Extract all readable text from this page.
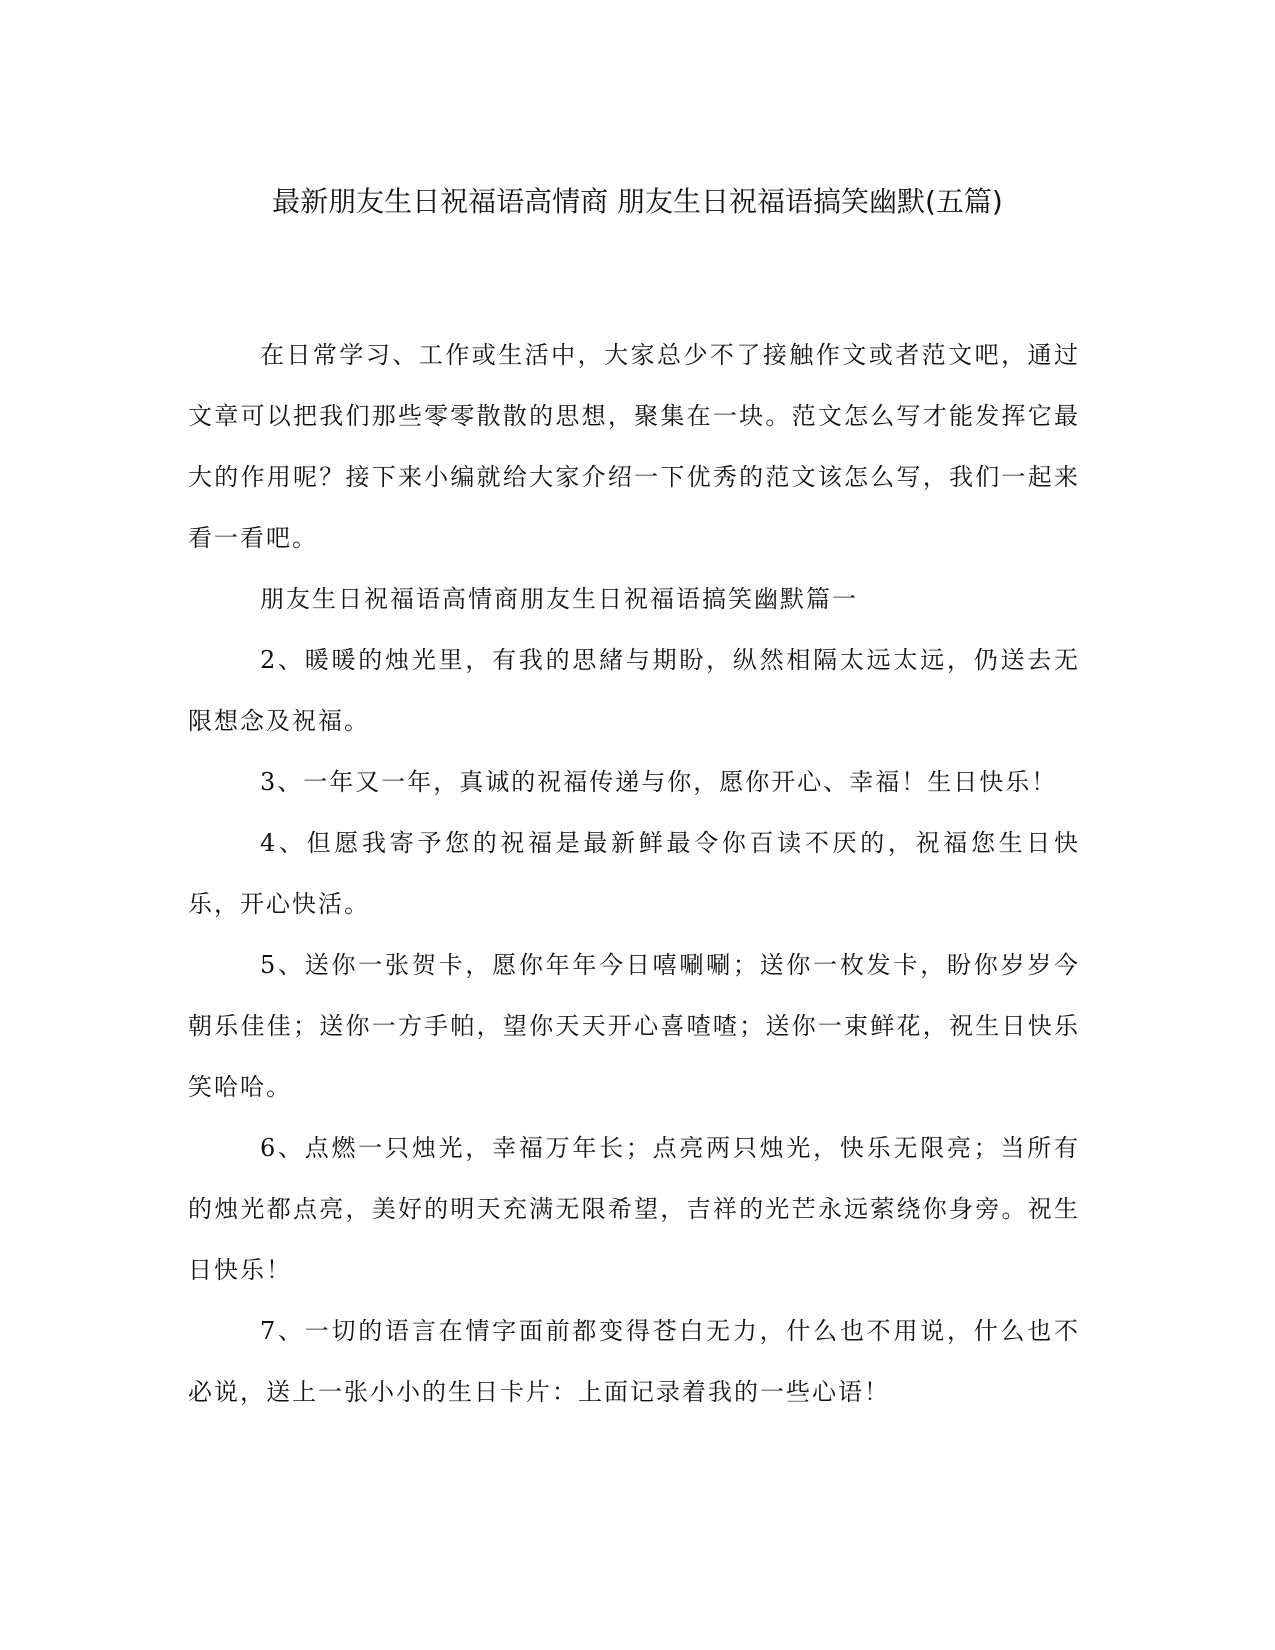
最新朋友生日祝福语高情商 朋友生日祝福语搞笑幽默(五篇)

在日常学习、工作或生活中，大家总少不了接触作文或者范文吧，通过文章可以把我们那些零零散散的思想，聚集在一块。范文怎么写才能发挥它最大的作用呢？接下来小编就给大家介绍一下优秀的范文该怎么写，我们一起来看一看吧。

朋友生日祝福语高情商朋友生日祝福语搞笑幽默篇一

2、暖暖的烛光里，有我的思緒与期盼，纵然相隔太远太远，仍送去无限想念及祝福。

3、一年又一年，真诚的祝福传递与你，愿你开心、幸福！生日快乐！

4、但愿我寄予您的祝福是最新鲜最令你百读不厌的，祝福您生日快乐，开心快活。

5、送你一张贺卡，愿你年年今日嘻唰唰；送你一枚发卡，盼你岁岁今朝乐佳佳；送你一方手帕，望你天天开心喜喳喳；送你一束鲜花，祝生日快乐笑哈哈。

6、点燃一只烛光，幸福万年长；点亮两只烛光，快乐无限亮；当所有的烛光都点亮，美好的明天充满无限希望，吉祥的光芒永远萦绕你身旁。祝生日快乐！

7、一切的语言在情字面前都变得苍白无力，什么也不用说，什么也不必说，送上一张小小的生日卡片：上面记录着我的一些心语！
